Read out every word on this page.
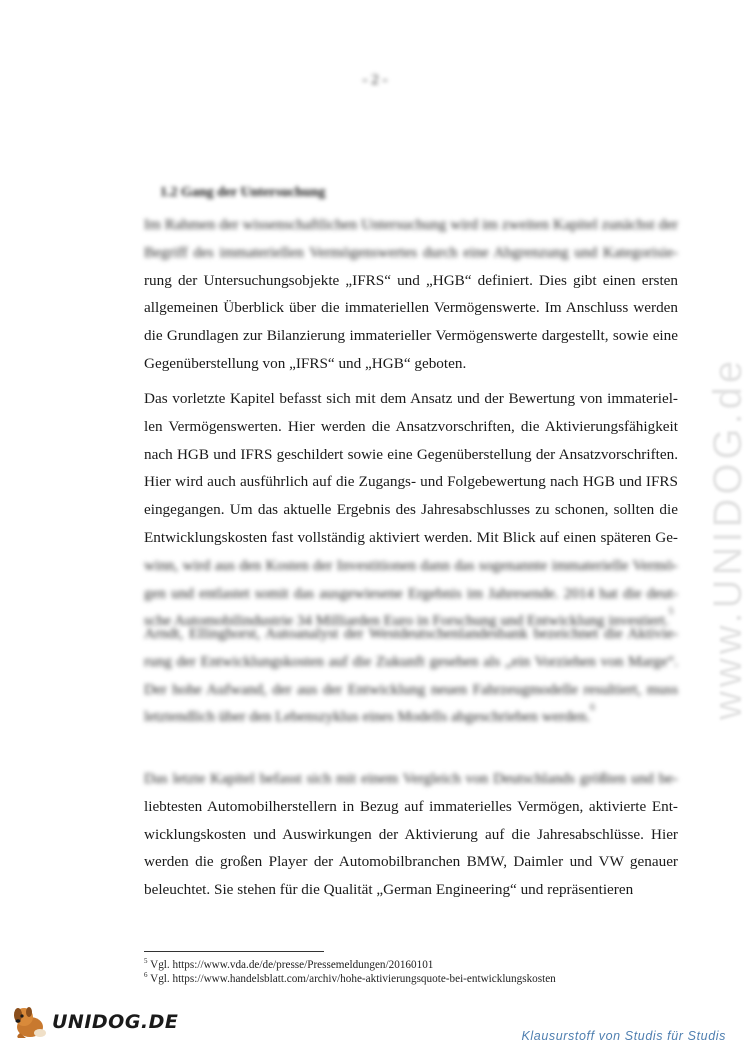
- 2 -
1.2 Gang der Untersuchung
www.UNIDOG.de
Im Rahmen der wissenschaftlichen Untersuchung wird im zweiten Kapitel zunächst der
Begriff des immateriellen Vermögenswertes durch eine Abgrenzung und Kategorisie-
rung der Untersuchungsobjekte „IFRS“ und „HGB“ definiert. Dies gibt einen ersten
allgemeinen Überblick über die immateriellen Vermögenswerte. Im Anschluss werden
die Grundlagen zur Bilanzierung immaterieller Vermögenswerte dargestellt, sowie eine
Gegenüberstellung von „IFRS“ und „HGB“ geboten.
Das vorletzte Kapitel befasst sich mit dem Ansatz und der Bewertung von immateriel-
len Vermögenswerten. Hier werden die Ansatzvorschriften, die Aktivierungsfähigkeit
nach HGB und IFRS geschildert sowie eine Gegenüberstellung der Ansatzvorschriften.
Hier wird auch ausführlich auf die Zugangs- und Folgebewertung nach HGB und IFRS
eingegangen. Um das aktuelle Ergebnis des Jahresabschlusses zu schonen, sollten die
Entwicklungskosten fast vollständig aktiviert werden. Mit Blick auf einen späteren Ge-
winn, wird aus den Kosten der Investitionen dann das sogenannte immaterielle Vermö-
gen und entlastet somit das ausgewiesene Ergebnis im Jahresende. 2014 hat die deut-
sche Automobilindustrie 34 Milliarden Euro in Forschung und Entwicklung investiert.$^5$
Arndt, Ellinghorst, Autoanalyst der Westdeutschenlandesbank bezeichnet die Aktivie-
rung der Entwicklungskosten auf die Zukunft gesehen als „ein Vorziehen von Marge“.
Der hohe Aufwand, der aus der Entwicklung neuen Fahrzeugmodelle resultiert, muss
letztendlich über den Lebenszyklus eines Modells abgeschrieben werden.$^6$
Das letzte Kapitel befasst sich mit einem Vergleich von Deutschlands größten und be-
liebtesten Automobilherstellern in Bezug auf immaterielles Vermögen, aktivierte Ent-
wicklungskosten und Auswirkungen der Aktivierung auf die Jahresabschlüsse. Hier
werden die großen Player der Automobilbranchen BMW, Daimler und VW genauer
beleuchtet. Sie stehen für die Qualität „German Engineering“ und repräsentieren
$^5$ Vgl. https://www.vda.de/de/presse/Pressemeldungen/20160101
$^6$ Vgl. https://www.handelsblatt.com/archiv/hohe-aktivierungsquote-bei-entwicklungskosten
UNIDOG.DE
Klausurstoff von Studis für Studis
